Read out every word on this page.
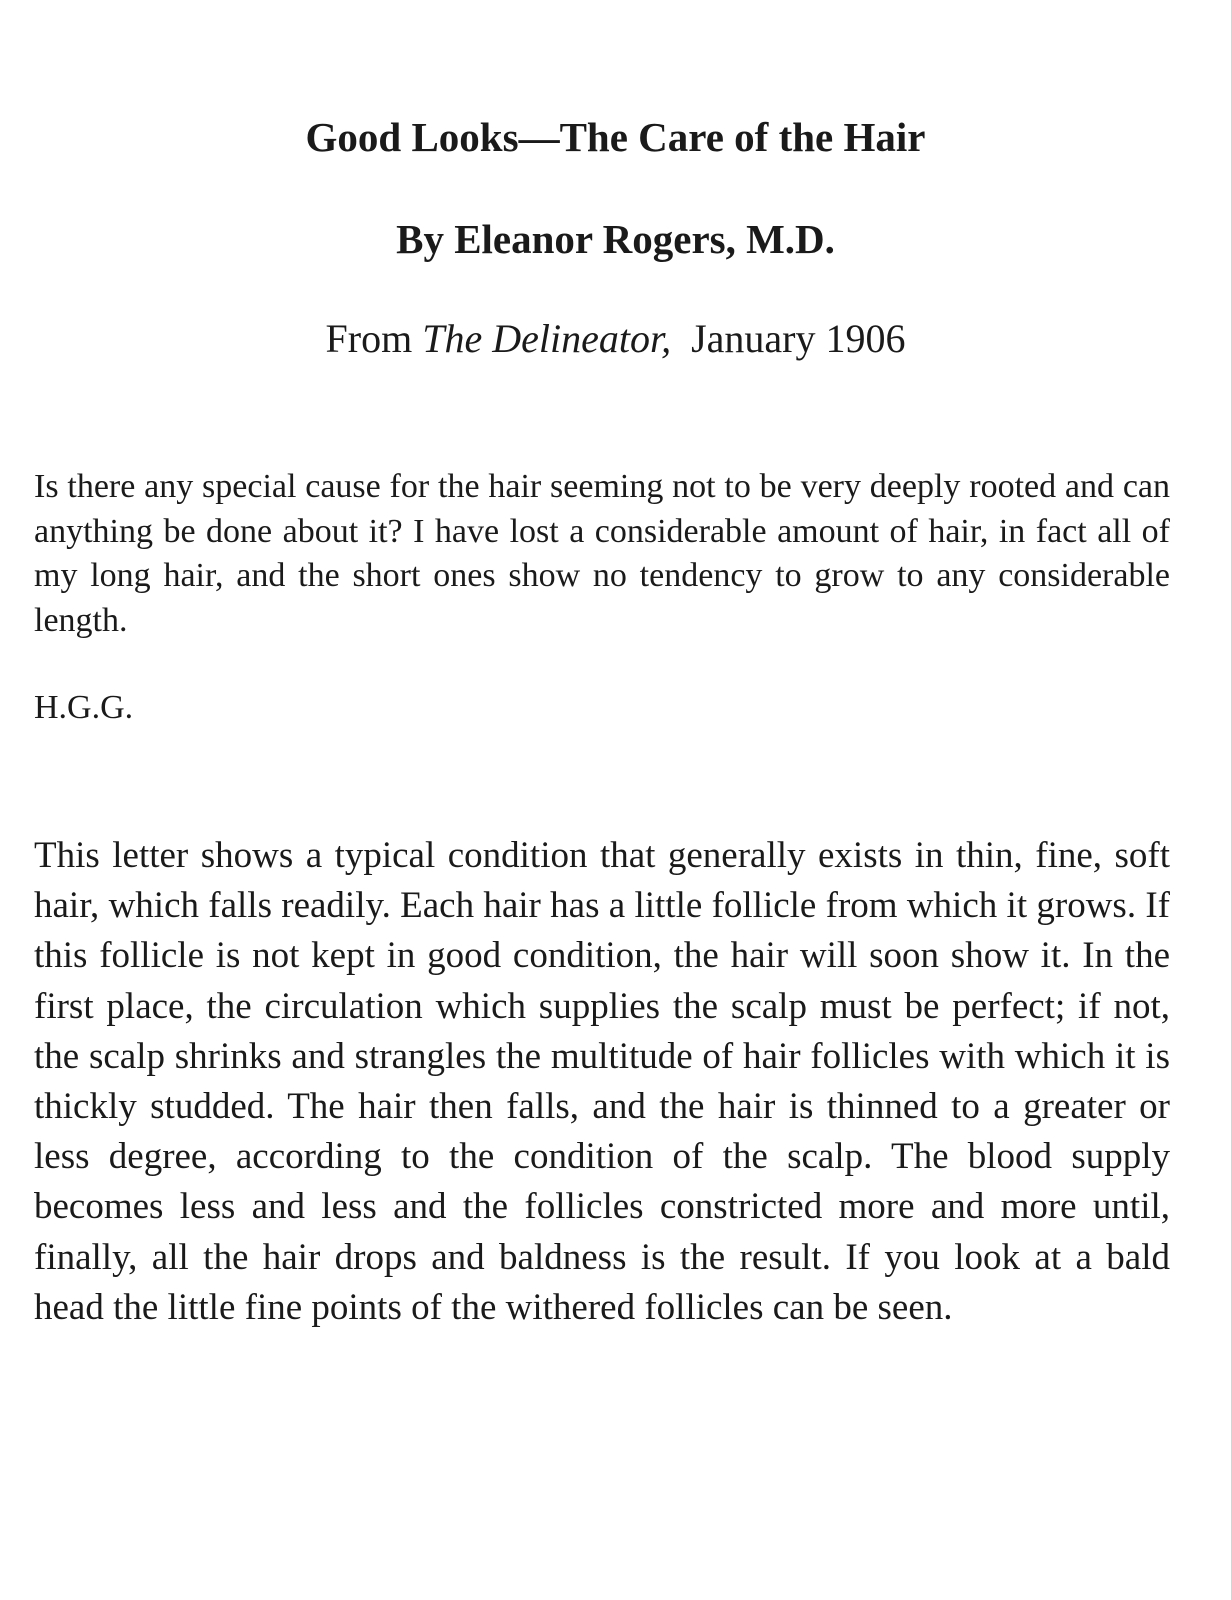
Good Looks—The Care of the Hair
By Eleanor Rogers, M.D.

From The Delineator, January 1906

Is there any special cause for the hair seeming not to be very deeply rooted and can anything be done about it? I have lost a considerable amount of hair, in fact all of my long hair, and the short ones show no tendency to grow to any considerable length.

H.G.G.

This letter shows a typical condition that generally exists in thin, fine, soft hair, which falls readily. Each hair has a little follicle from which it grows. If this follicle is not kept in good condition, the hair will soon show it. In the first place, the circulation which supplies the scalp must be perfect; if not, the scalp shrinks and strangles the multitude of hair follicles with which it is thickly studded. The hair then falls, and the hair is thinned to a greater or less degree, according to the condition of the scalp. The blood supply becomes less and less and the follicles constricted more and more until, finally, all the hair drops and baldness is the result. If you look at a bald head the little fine points of the withered follicles can be seen.
